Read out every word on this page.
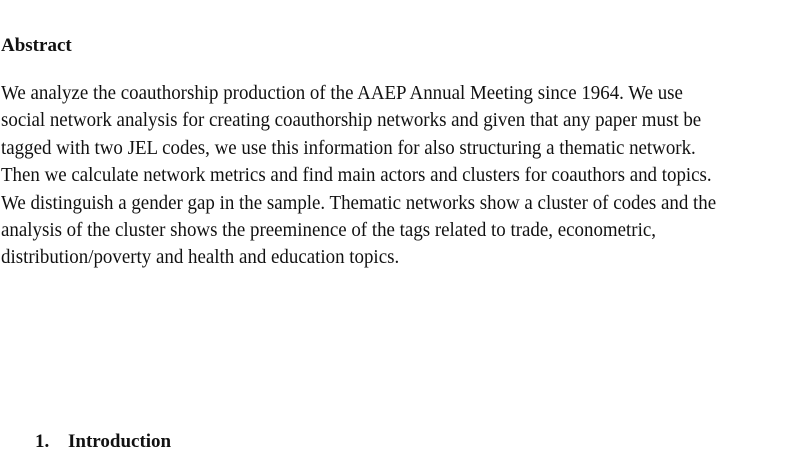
Abstract
We analyze the coauthorship production of the AAEP Annual Meeting since 1964. We use
social network analysis for creating coauthorship networks and given that any paper must be
tagged with two JEL codes, we use this information for also structuring a thematic network.
Then we calculate network metrics and find main actors and clusters for coauthors and topics.
We distinguish a gender gap in the sample. Thematic networks show a cluster of codes and the
analysis of the cluster shows the preeminence of the tags related to trade, econometric,
distribution/poverty and health and education topics.
1. Introduction
